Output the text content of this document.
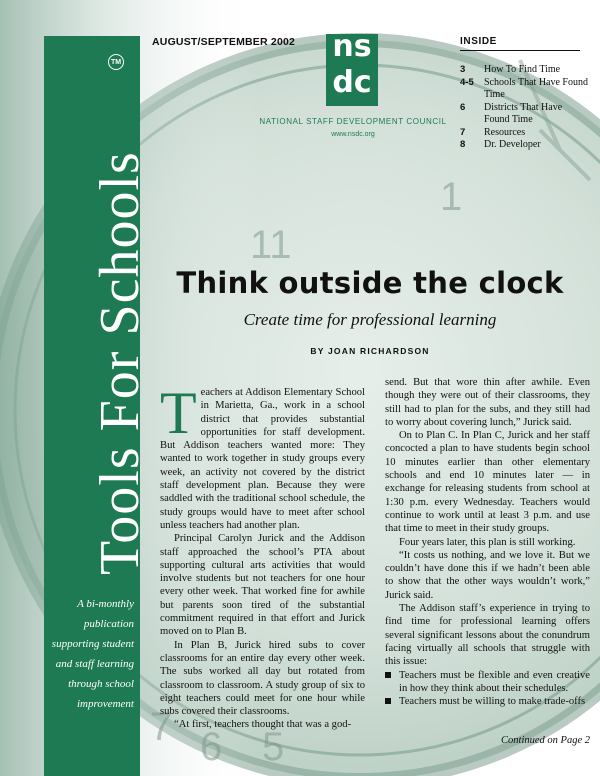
11
1
6
7 5
Tools For Schools
TM
A bi-monthly
publication
supporting student
and staff learning
through school
improvement
AUGUST/SEPTEMBER 2002 ns
dc
NATIONAL STAFF DEVELOPMENT COUNCIL
www.nsdc.org
INSIDE
3	How To Find Time
4-5	Schools That Have Found Time
6	Districts That Have Found Time
7	Resources
8	Dr. Developer
Think outside the clock
Create time for professional learning
BY JOAN RICHARDSON

Teachers at Addison Elementary School in Marietta, Ga., work in a school district that provides substantial opportunities for staff development. But Addison teachers wanted more: They wanted to work together in study groups every week, an activity not covered by the district staff development plan. Because they were saddled with the traditional school schedule, the study groups would have to meet after school unless teachers had another plan.

Principal Carolyn Jurick and the Addison staff approached the school’s PTA about supporting cultural arts activities that would involve students but not teachers for one hour every other week. That worked fine for awhile but parents soon tired of the substantial commitment required in that effort and Jurick moved on to Plan B.

In Plan B, Jurick hired subs to cover classrooms for an entire day every other week. The subs worked all day but rotated from classroom to classroom. A study group of six to eight teachers could meet for one hour while subs covered their classrooms.

“At first, teachers thought that was a god-

send. But that wore thin after awhile. Even though they were out of their classrooms, they still had to plan for the subs, and they still had to worry about covering lunch,” Jurick said.

On to Plan C. In Plan C, Jurick and her staff concocted a plan to have students begin school 10 minutes earlier than other elementary schools and end 10 minutes later — in exchange for releasing students from school at 1:30 p.m. every Wednesday. Teachers would continue to work until at least 3 p.m. and use that time to meet in their study groups.

Four years later, this plan is still working.

“It costs us nothing, and we love it. But we couldn’t have done this if we hadn’t been able to show that the other ways wouldn’t work,” Jurick said.

The Addison staff’s experience in trying to find time for professional learning offers several significant lessons about the conundrum facing virtually all schools that struggle with this issue:

Teachers must be flexible and even creative in how they think about their schedules.
Teachers must be willing to make trade-offs
Continued on Page 2
